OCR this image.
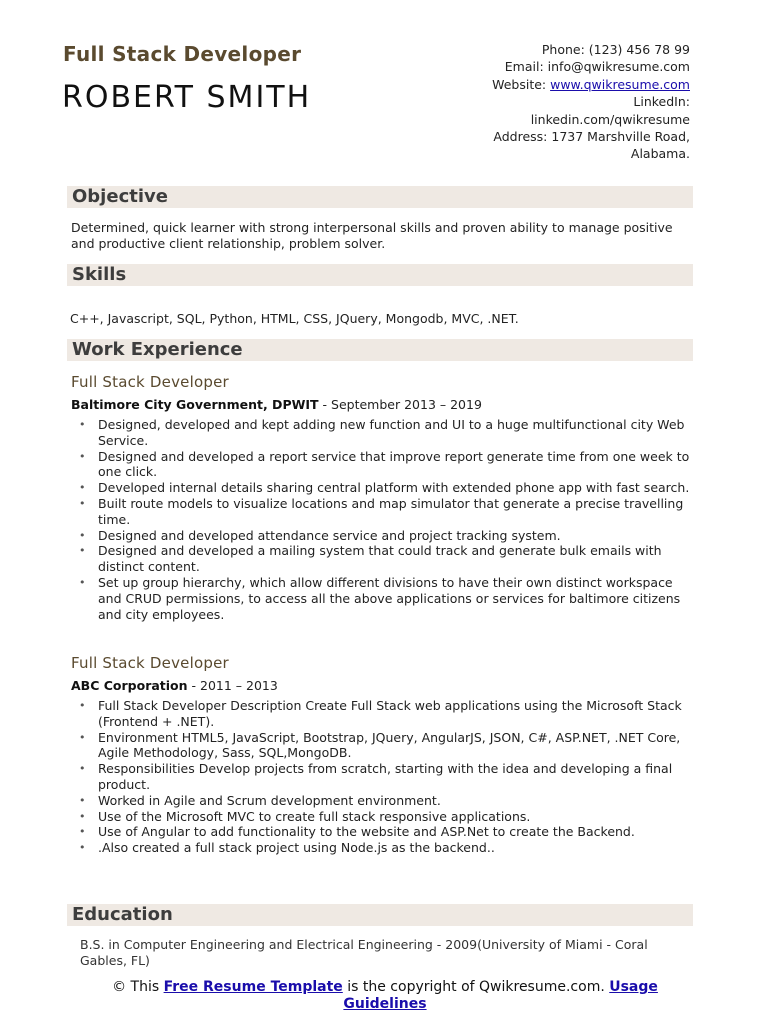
Full Stack Developer
ROBERT SMITH
Phone: (123) 456 78 99
Email: info@qwikresume.com
Website: www.qwikresume.com
LinkedIn:
linkedin.com/qwikresume
Address: 1737 Marshville Road,
Alabama.
Objective
Determined, quick learner with strong interpersonal skills and proven ability to manage positive and productive client relationship, problem solver.
Skills
C++, Javascript, SQL, Python, HTML, CSS, JQuery, Mongodb, MVC, .NET.
Work Experience
Full Stack Developer
Baltimore City Government, DPWIT - September 2013 – 2019
• Designed, developed and kept adding new function and UI to a huge multifunctional city Web Service.
• Designed and developed a report service that improve report generate time from one week to one click.
• Developed internal details sharing central platform with extended phone app with fast search.
• Built route models to visualize locations and map simulator that generate a precise travelling time.
• Designed and developed attendance service and project tracking system.
• Designed and developed a mailing system that could track and generate bulk emails with distinct content.
• Set up group hierarchy, which allow different divisions to have their own distinct workspace and CRUD permissions, to access all the above applications or services for baltimore citizens and city employees.
Full Stack Developer
ABC Corporation - 2011 – 2013
• Full Stack Developer Description Create Full Stack web applications using the Microsoft Stack (Frontend + .NET).
• Environment HTML5, JavaScript, Bootstrap, JQuery, AngularJS, JSON, C#, ASP.NET, .NET Core, Agile Methodology, Sass, SQL,MongoDB.
• Responsibilities Develop projects from scratch, starting with the idea and developing a final product.
• Worked in Agile and Scrum development environment.
• Use of the Microsoft MVC to create full stack responsive applications.
• Use of Angular to add functionality to the website and ASP.Net to create the Backend.
• .Also created a full stack project using Node.js as the backend..
Education
B.S. in Computer Engineering and Electrical Engineering - 2009(University of Miami - Coral Gables, FL)
© This Free Resume Template is the copyright of Qwikresume.com. Usage Guidelines
